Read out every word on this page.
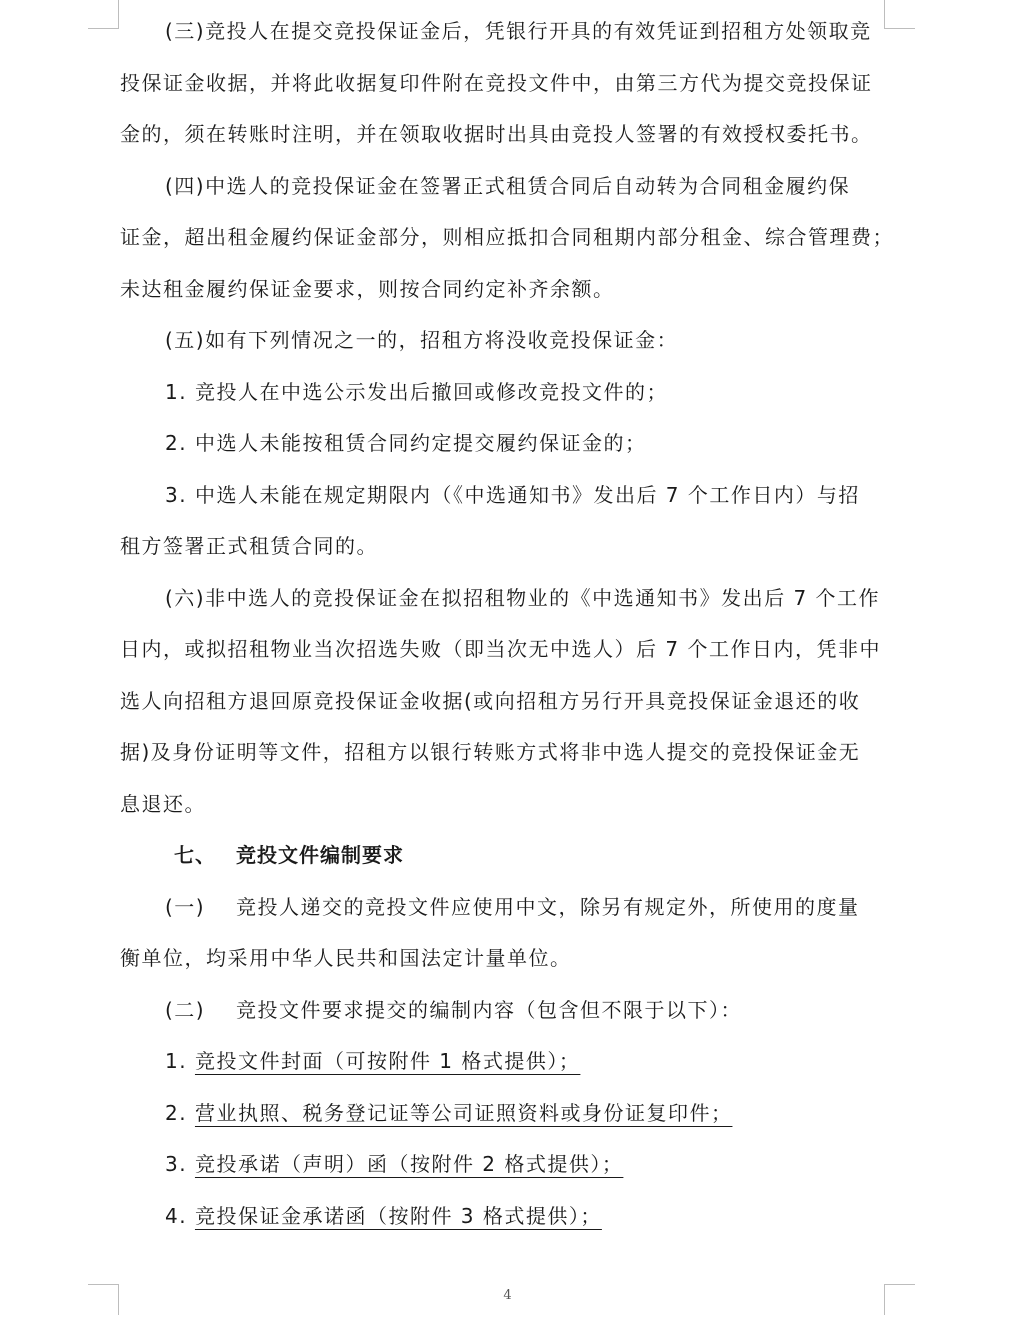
(三)竞投人在提交竞投保证金后，凭银行开具的有效凭证到招租方处领取竞

投保证金收据，并将此收据复印件附在竞投文件中，由第三方代为提交竞投保证

金的，须在转账时注明，并在领取收据时出具由竞投人签署的有效授权委托书。

(四)中选人的竞投保证金在签署正式租赁合同后自动转为合同租金履约保

证金，超出租金履约保证金部分，则相应抵扣合同租期内部分租金、综合管理费；

未达租金履约保证金要求，则按合同约定补齐余额。

(五)如有下列情况之一的，招租方将没收竞投保证金：

1. 竞投人在中选公示发出后撤回或修改竞投文件的；

2. 中选人未能按租赁合同约定提交履约保证金的；

3. 中选人未能在规定期限内（《中选通知书》发出后 7 个工作日内）与招

租方签署正式租赁合同的。

(六)非中选人的竞投保证金在拟招租物业的《中选通知书》发出后 7 个工作

日内，或拟招租物业当次招选失败（即当次无中选人）后 7 个工作日内，凭非中

选人向招租方退回原竞投保证金收据(或向招租方另行开具竞投保证金退还的收

据)及身份证明等文件，招租方以银行转账方式将非中选人提交的竞投保证金无

息退还。

七、 竞投文件编制要求

(一) 竞投人递交的竞投文件应使用中文，除另有规定外，所使用的度量

衡单位，均采用中华人民共和国法定计量单位。

(二) 竞投文件要求提交的编制内容（包含但不限于以下）：

1. 竞投文件封面（可按附件 1 格式提供）；

2. 营业执照、税务登记证等公司证照资料或身份证复印件；

3. 竞投承诺（声明）函（按附件 2 格式提供）；

4. 竞投保证金承诺函（按附件 3 格式提供）；

4
